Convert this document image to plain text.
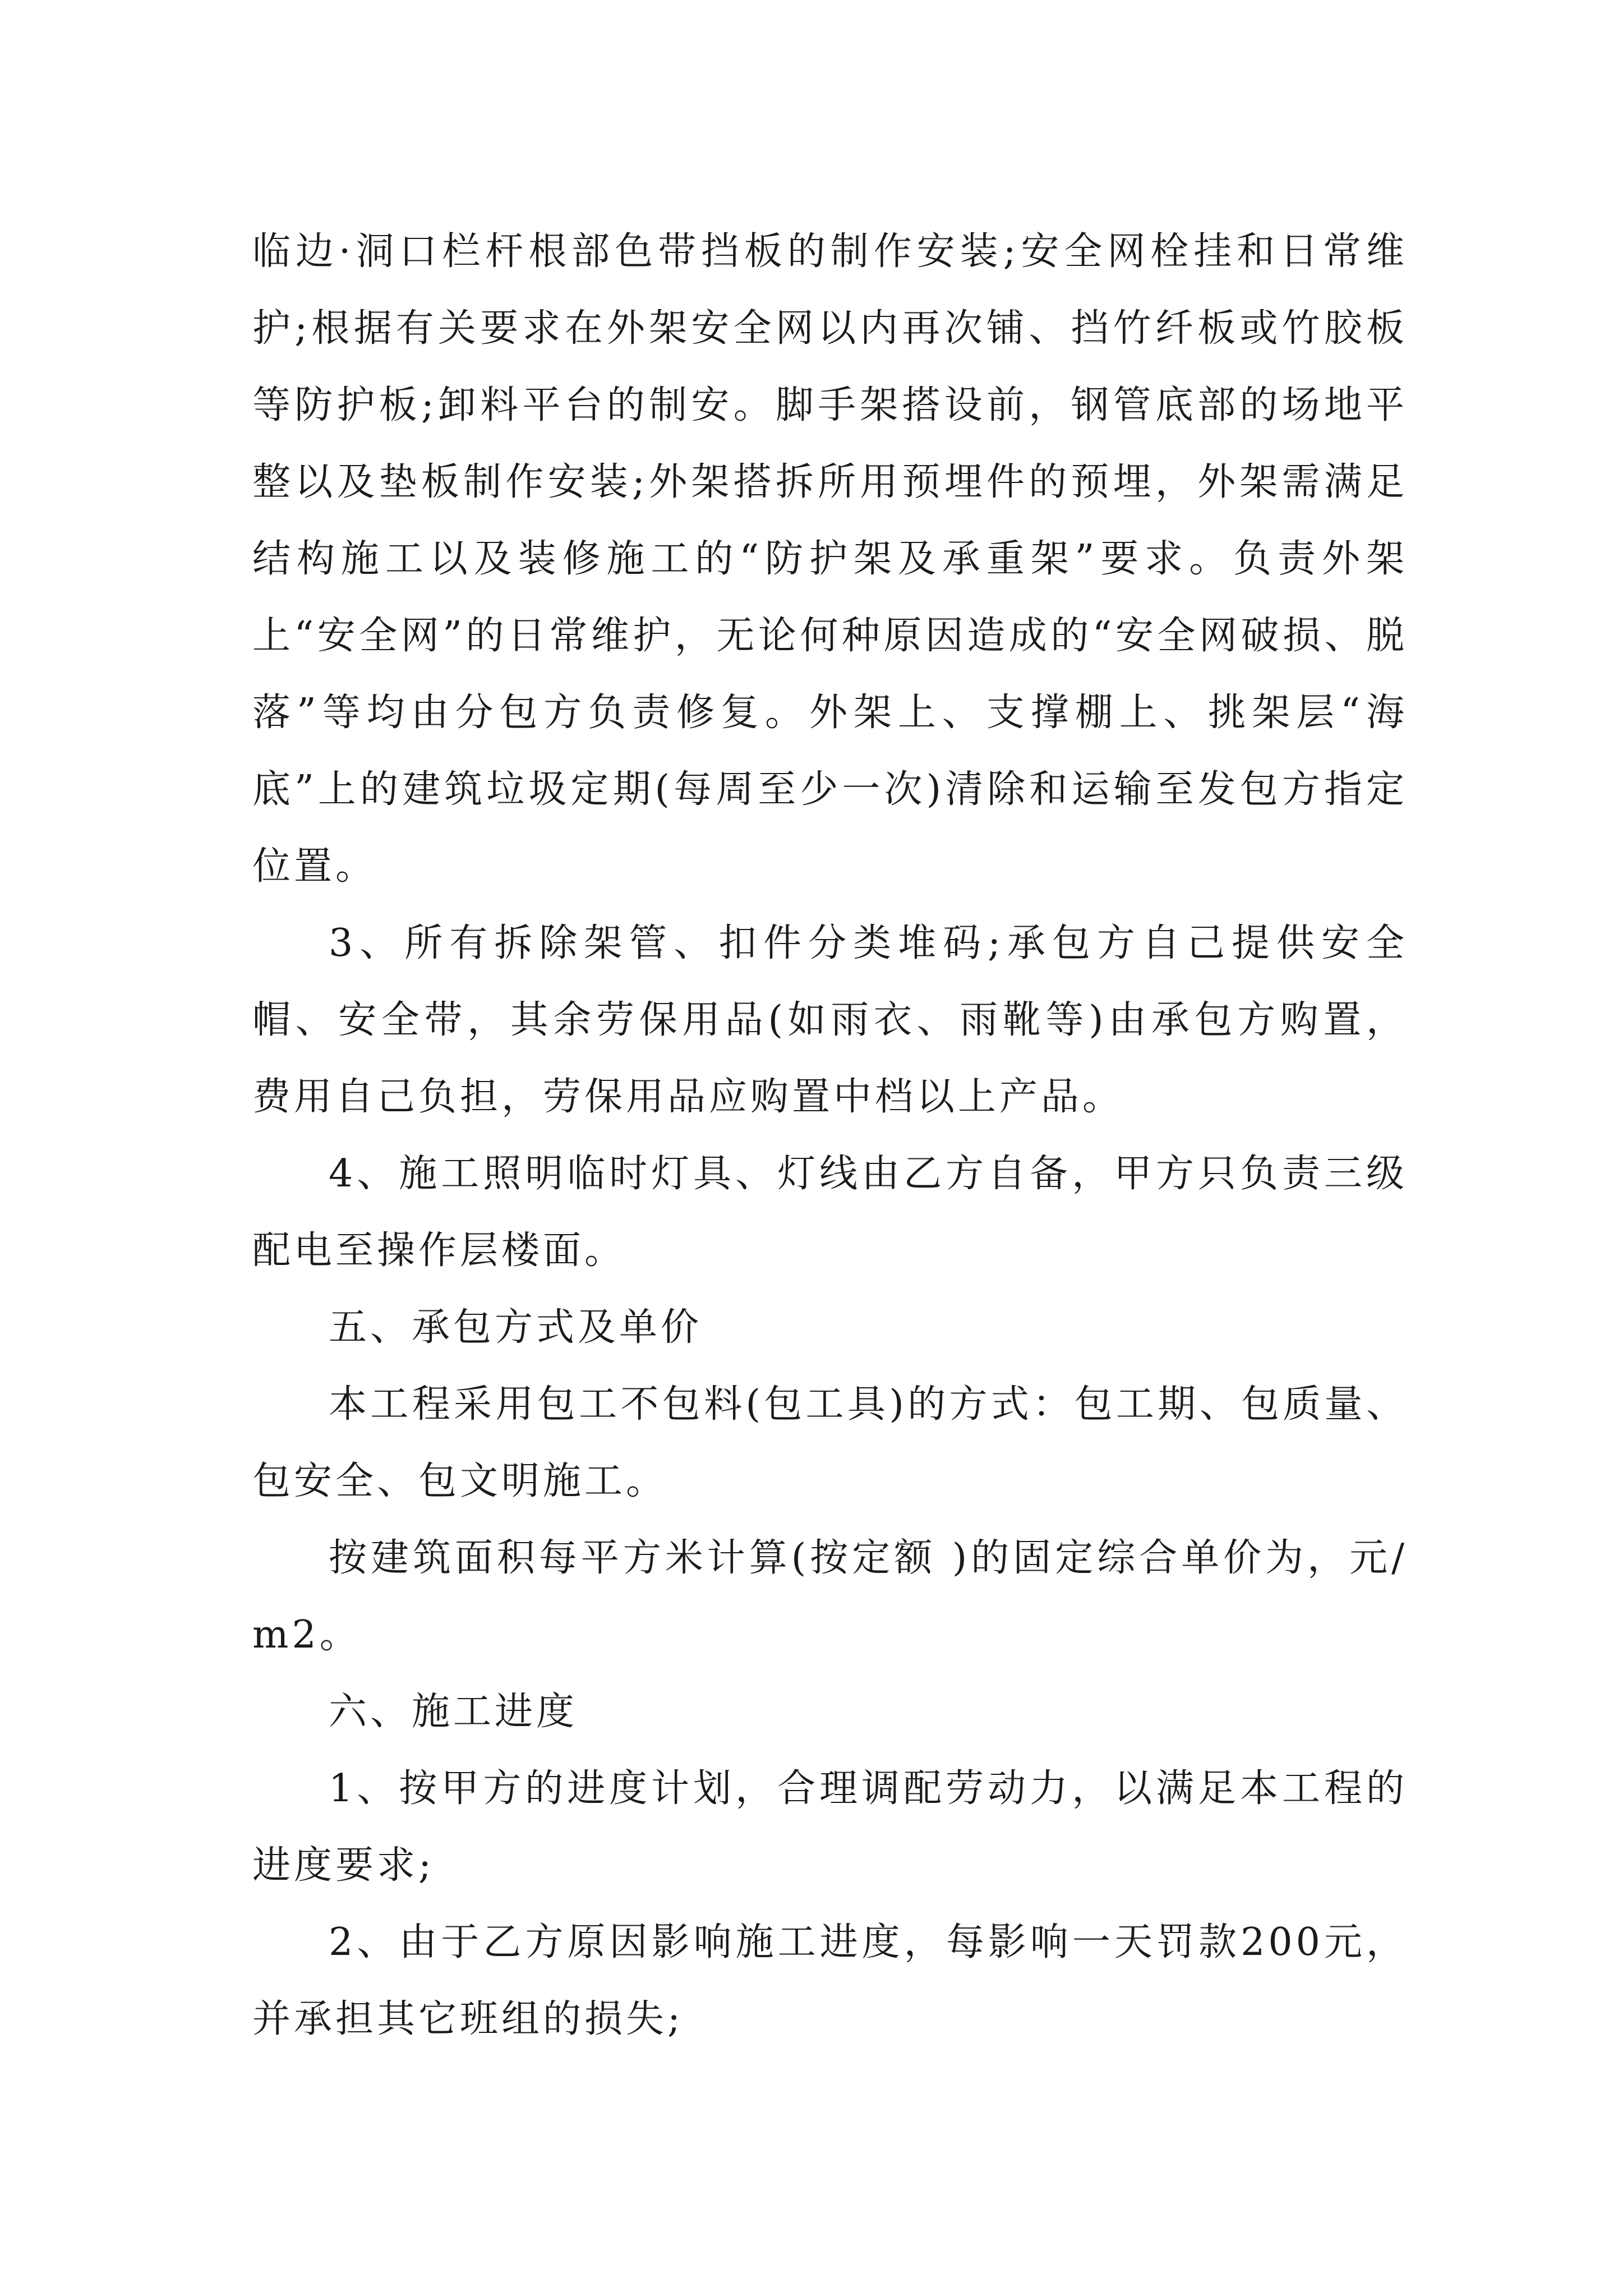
临边·洞口栏杆根部色带挡板的制作安装;安全网栓挂和日常维护;根据有关要求在外架安全网以内再次铺、挡竹纤板或竹胶板等防护板;卸料平台的制安。脚手架搭设前，钢管底部的场地平整以及垫板制作安装;外架搭拆所用预埋件的预埋，外架需满足结构施工以及装修施工的“防护架及承重架”要求。负责外架上“安全网”的日常维护，无论何种原因造成的“安全网破损、脱落”等均由分包方负责修复。外架上、支撑棚上、挑架层“海底”上的建筑垃圾定期(每周至少一次)清除和运输至发包方指定位置。

3、所有拆除架管、扣件分类堆码;承包方自己提供安全帽、安全带，其余劳保用品(如雨衣、雨靴等)由承包方购置，费用自己负担，劳保用品应购置中档以上产品。

4、施工照明临时灯具、灯线由乙方自备，甲方只负责三级配电至操作层楼面。

五、承包方式及单价

本工程采用包工不包料(包工具)的方式：包工期、包质量、包安全、包文明施工。

按建筑面积每平方米计算(按定额 )的固定综合单价为，元/m2。

六、施工进度

1、按甲方的进度计划，合理调配劳动力，以满足本工程的进度要求;

2、由于乙方原因影响施工进度，每影响一天罚款200元，并承担其它班组的损失;
